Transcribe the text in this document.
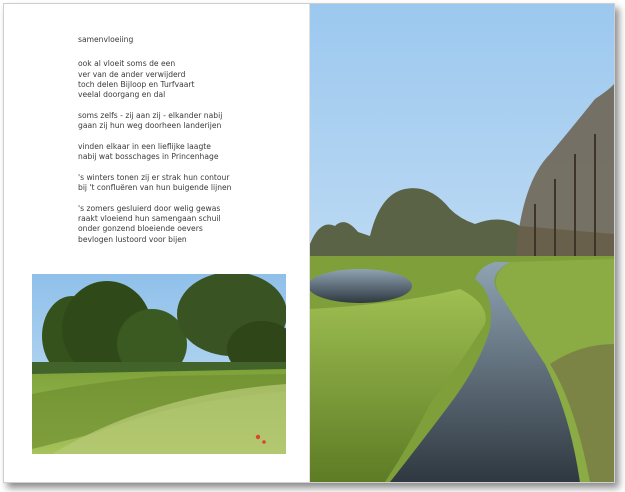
samenvloeiing
ook al vloeit soms de een
ver van de ander verwijderd
toch delen Bijloop en Turfvaart
veelal doorgang en dal
soms zelfs - zij aan zij - elkander nabij
gaan zij hun weg doorheen landerijen
vinden elkaar in een lieflijke laagte
nabij wat bosschages in Princenhage
's winters tonen zij er strak hun contour
bij 't confluëren van hun buigende lijnen
's zomers gesluierd door welig gewas
raakt vloeiend hun samengaan schuil
onder gonzend bloeiende oevers
bevlogen lustoord voor bijen
